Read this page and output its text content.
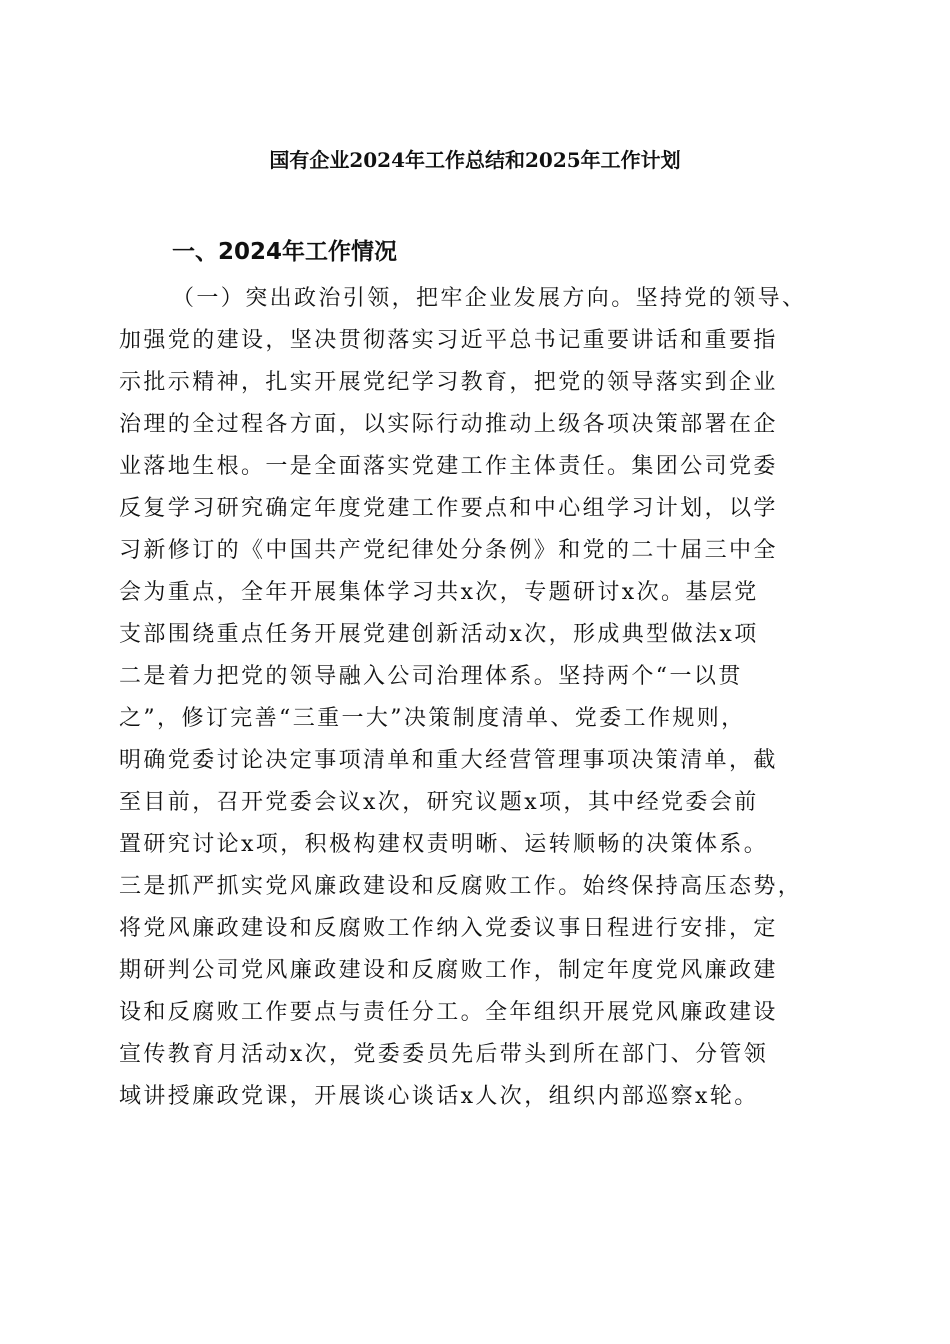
国有企业2024年工作总结和2025年工作计划
一、2024年工作情况
（一）突出政治引领，把牢企业发展方向。坚持党的领导、
加强党的建设，坚决贯彻落实习近平总书记重要讲话和重要指
示批示精神，扎实开展党纪学习教育，把党的领导落实到企业
治理的全过程各方面，以实际行动推动上级各项决策部署在企
业落地生根。一是全面落实党建工作主体责任。集团公司党委
反复学习研究确定年度党建工作要点和中心组学习计划，以学
习新修订的《中国共产党纪律处分条例》和党的二十届三中全
会为重点，全年开展集体学习共x次，专题研讨x次。基层党
支部围绕重点任务开展党建创新活动x次，形成典型做法x项
二是着力把党的领导融入公司治理体系。坚持两个“一以贯
之”，修订完善“三重一大”决策制度清单、党委工作规则，
明确党委讨论决定事项清单和重大经营管理事项决策清单，截
至目前，召开党委会议x次，研究议题x项，其中经党委会前
置研究讨论x项，积极构建权责明晰、运转顺畅的决策体系。
三是抓严抓实党风廉政建设和反腐败工作。始终保持高压态势，
将党风廉政建设和反腐败工作纳入党委议事日程进行安排，定
期研判公司党风廉政建设和反腐败工作，制定年度党风廉政建
设和反腐败工作要点与责任分工。全年组织开展党风廉政建设
宣传教育月活动x次，党委委员先后带头到所在部门、分管领
域讲授廉政党课，开展谈心谈话x人次，组织内部巡察x轮。
